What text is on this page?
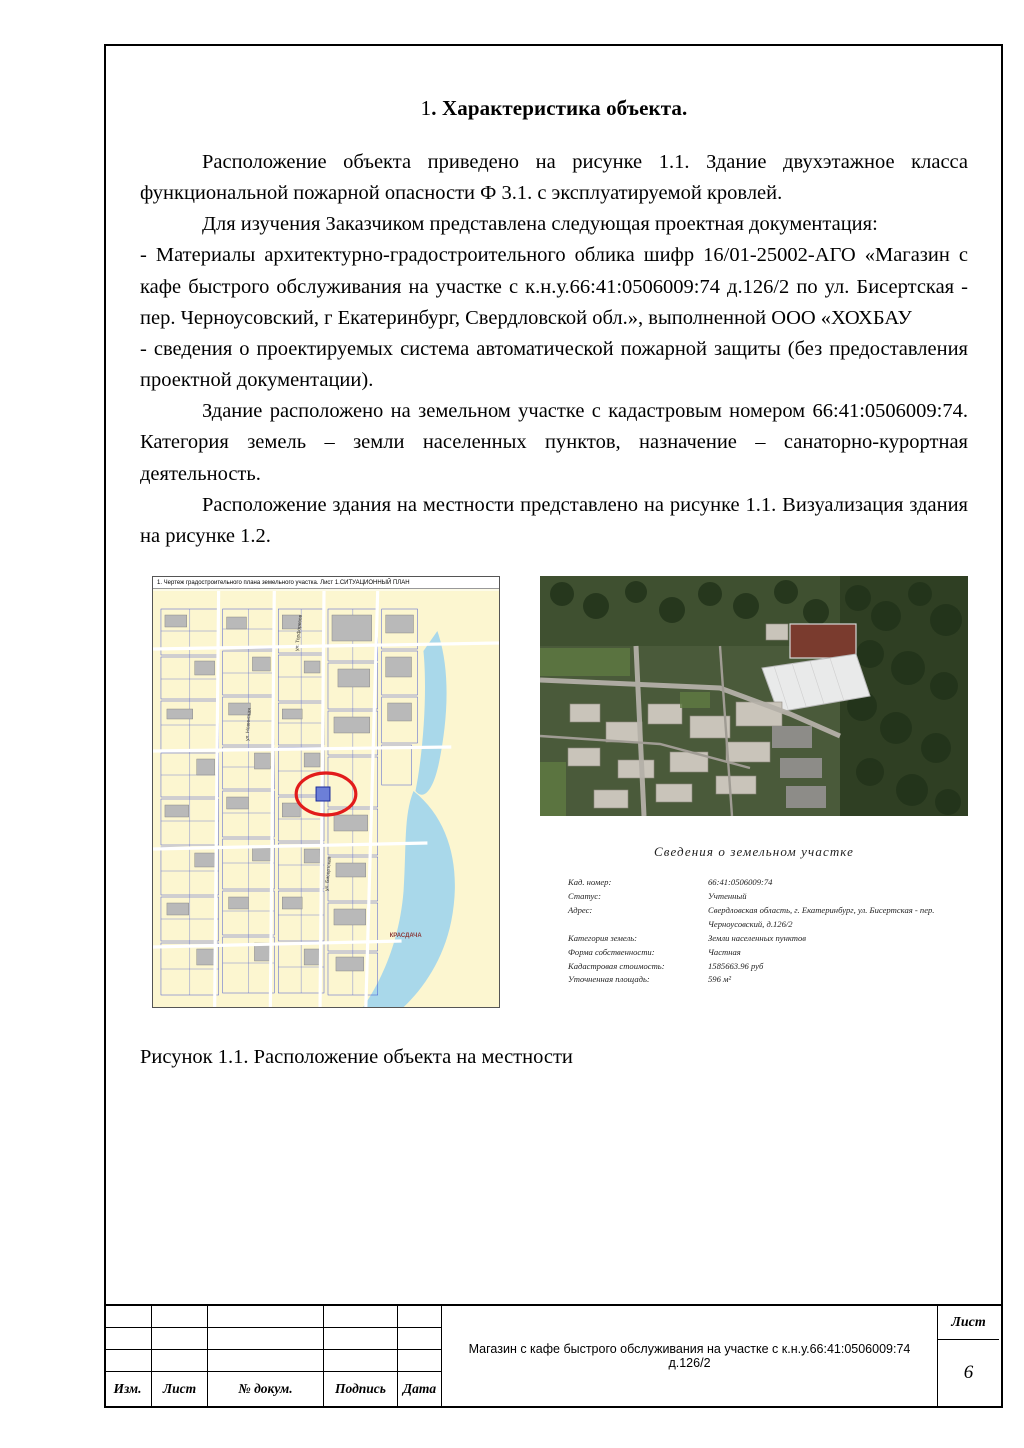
1. Характеристика объекта.

Расположение объекта приведено на рисунке 1.1. Здание двухэтажное класса функциональной пожарной опасности Ф 3.1. с эксплуатируемой кровлей.

Для изучения Заказчиком представлена следующая проектная документация:

- Материалы архитектурно-градостроительного облика шифр 16/01-25002-АГО «Магазин с кафе быстрого обслуживания на участке с к.н.у.66:41:0506009:74 д.126/2 по ул. Бисертская - пер. Черноусовский, г Екатеринбург, Свердловской обл.», выполненной ООО «ХОХБАУ

- сведения о проектируемых система автоматической пожарной защиты (без предоставления проектной документации).

Здание расположено на земельном участке с кадастровым номером 66:41:0506009:74. Категория земель – земли населенных пунктов, назначение – санаторно-курортная деятельность.

Расположение здания на местности представлено на рисунке 1.1. Визуализация здания на рисунке 1.2.

1. Чертеж градостроительного плана земельного участка. Лист 1.СИТУАЦИОННЫЙ ПЛАН
ул. Торфорезов
ул. Новинская
ул. Бисертская
КРАСДАЧА
Сведения о земельном участке
Кад. номер:	66:41:0506009:74
Статус:	Учтенный
Адрес:	Свердловская область, г. Екатеринбург, ул. Бисертская - пер. Черноусовский, д.126/2
Категория земель:	Земли населенных пунктов
Форма собственности:	Частная
Кадастровая стоимость:	1585663.96 руб
Уточненная площадь:	596 м²
Рисунок 1.1. Расположение объекта на местности
Изм.	Лист	№ докум.	Подпись	Дата
Магазин с кафе быстрого обслуживания на участке с к.н.у.66:41:0506009:74 д.126/2
Лист
6
